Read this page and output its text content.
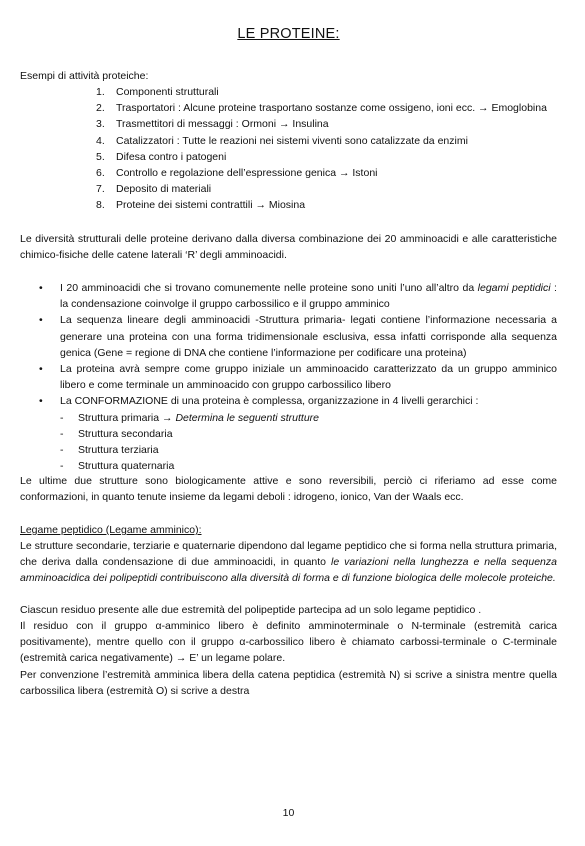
LE PROTEINE:
Esempi di attività proteiche:
1. Componenti strutturali
2. Trasportatori : Alcune proteine trasportano sostanze come ossigeno, ioni ecc. → Emoglobina
3. Trasmettitori di messaggi : Ormoni → Insulina
4. Catalizzatori : Tutte le reazioni nei sistemi viventi sono catalizzate da enzimi
5. Difesa contro i patogeni
6. Controllo e regolazione dell’espressione genica → Istoni
7. Deposito di materiali
8. Proteine dei sistemi contrattili → Miosina

Le diversità strutturali delle proteine derivano dalla diversa combinazione dei 20 amminoacidi e alle caratteristiche chimico-fisiche delle catene laterali ‘R’ degli amminoacidi.

• I 20 amminoacidi che si trovano comunemente nelle proteine sono uniti l’uno all’altro da legami peptidici : la condensazione coinvolge il gruppo carbossilico e il gruppo amminico
• La sequenza lineare degli amminoacidi -Struttura primaria- legati contiene l’informazione necessaria a generare una proteina con una forma tridimensionale esclusiva, essa infatti corrisponde alla sequenza genica (Gene = regione di DNA che contiene l’informazione per codificare una proteina)
• La proteina avrà sempre come gruppo iniziale un amminoacido caratterizzato da un gruppo amminico libero e come terminale un amminoacido con gruppo carbossilico libero
• La CONFORMAZIONE di una proteina è complessa, organizzazione in 4 livelli gerarchici :
- Struttura primaria → Determina le seguenti strutture
- Struttura secondaria
- Struttura terziaria
- Struttura quaternaria

Le ultime due strutture sono biologicamente attive e sono reversibili, perciò ci riferiamo ad esse come conformazioni, in quanto tenute insieme da legami deboli : idrogeno, ionico, Van der Waals ecc.

Legame peptidico (Legame amminico):

Le strutture secondarie, terziarie e quaternarie dipendono dal legame peptidico che si forma nella struttura primaria, che deriva dalla condensazione di due amminoacidi, in quanto le variazioni nella lunghezza e nella sequenza amminoacidica dei polipeptidi contribuiscono alla diversità di forma e di funzione biologica delle molecole proteiche.

Ciascun residuo presente alle due estremità del polipeptide partecipa ad un solo legame peptidico .

Il residuo con il gruppo α-amminico libero è definito amminoterminale o N-terminale (estremità carica positivamente), mentre quello con il gruppo α-carbossilico libero è chiamato carbossi-terminale o C-terminale (estremità carica negativamente) → E’ un legame polare.

Per convenzione l’estremità amminica libera della catena peptidica (estremità N) si scrive a sinistra mentre quella carbossilica libera (estremità O) si scrive a destra

10
